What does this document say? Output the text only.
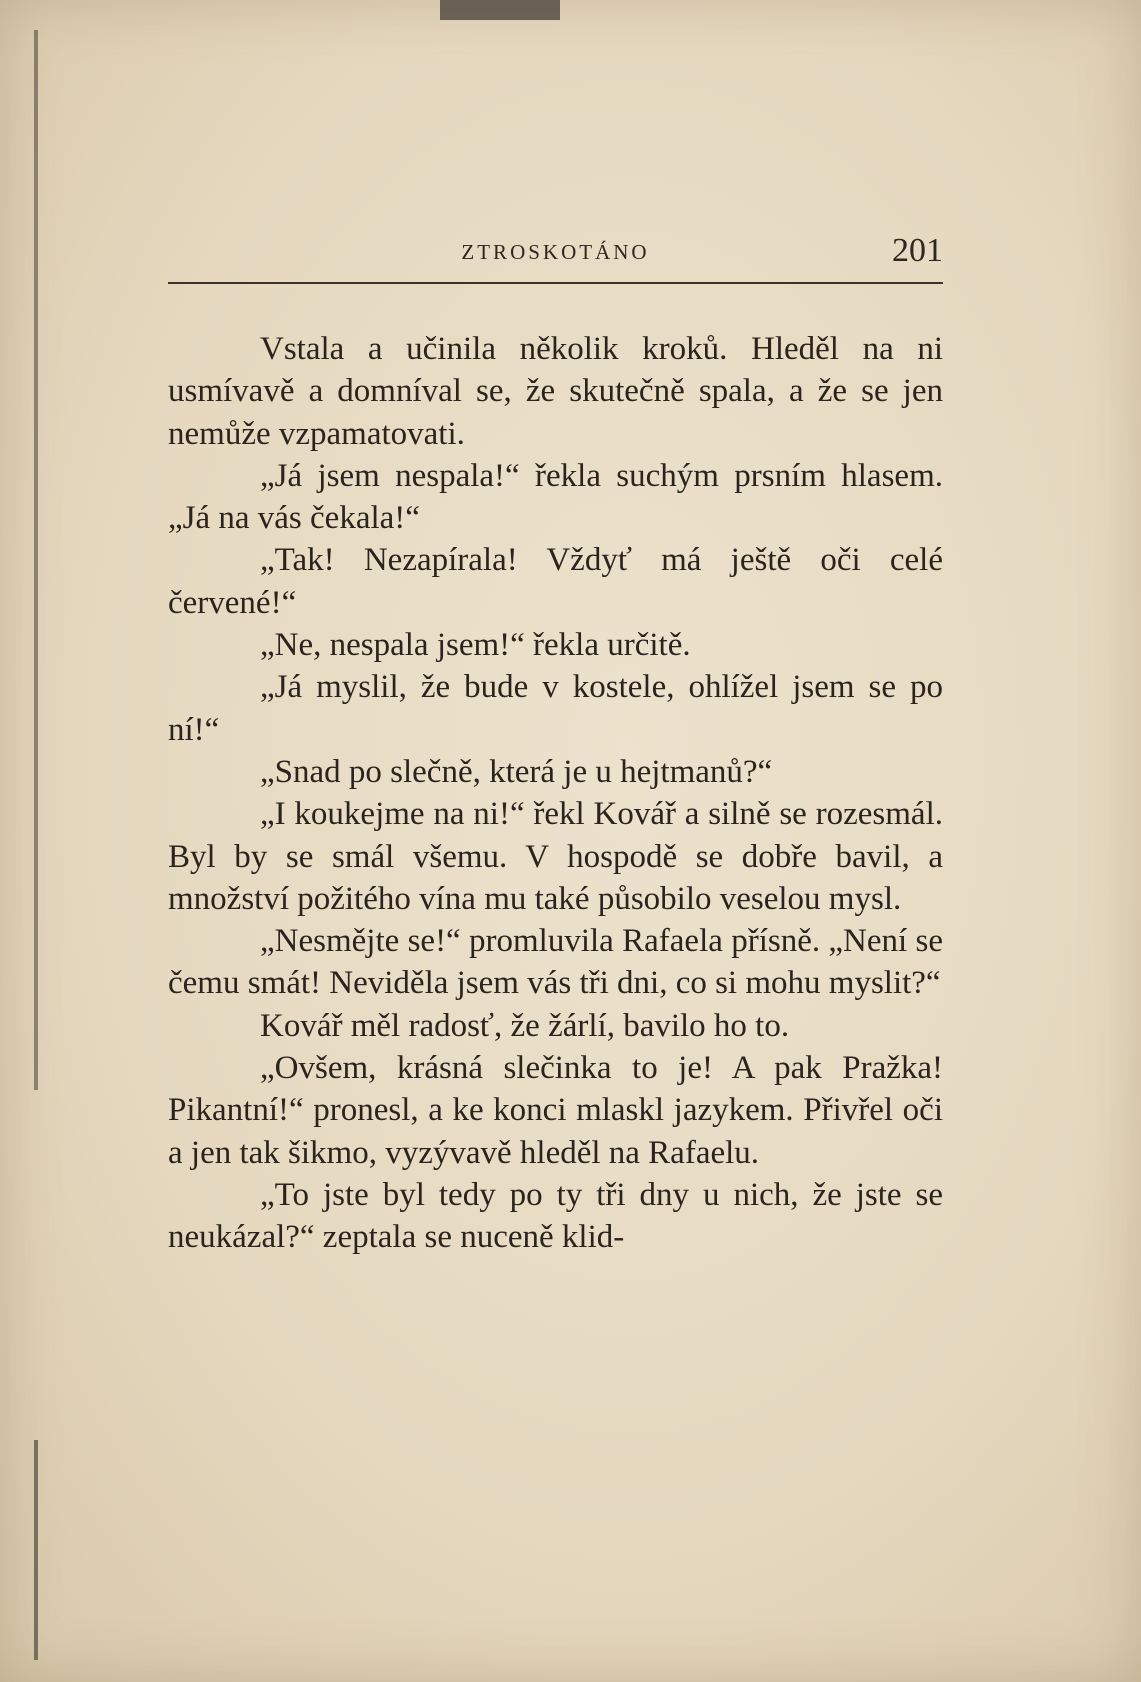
ZTROSKOTÁNO	201

Vstala a učinila několik kroků. Hleděl na ni usmívavě a domníval se, že skutečně spala, a že se jen nemůže vzpamatovati.

„Já jsem nespala!“ řekla suchým prsním hlasem. „Já na vás čekala!“

„Tak! Nezapírala! Vždyť má ještě oči celé červené!“

„Ne, nespala jsem!“ řekla určitě.

„Já myslil, že bude v kostele, ohlížel jsem se po ní!“

„Snad po slečně, která je u hejtmanů?“

„I koukejme na ni!“ řekl Kovář a silně se rozesmál. Byl by se smál všemu. V hospodě se dobře bavil, a množství požitého vína mu také působilo veselou mysl.

„Nesmějte se!“ promluvila Rafaela přísně. „Není se čemu smát! Neviděla jsem vás tři dni, co si mohu myslit?“

Kovář měl radosť, že žárlí, bavilo ho to.

„Ovšem, krásná slečinka to je! A pak Pražka! Pikantní!“ pronesl, a ke konci mlaskl jazykem. Přivřel oči a jen tak šikmo, vyzývavě hleděl na Rafaelu.

„To jste byl tedy po ty tři dny u nich, že jste se neukázal?“ zeptala se nuceně klid-
